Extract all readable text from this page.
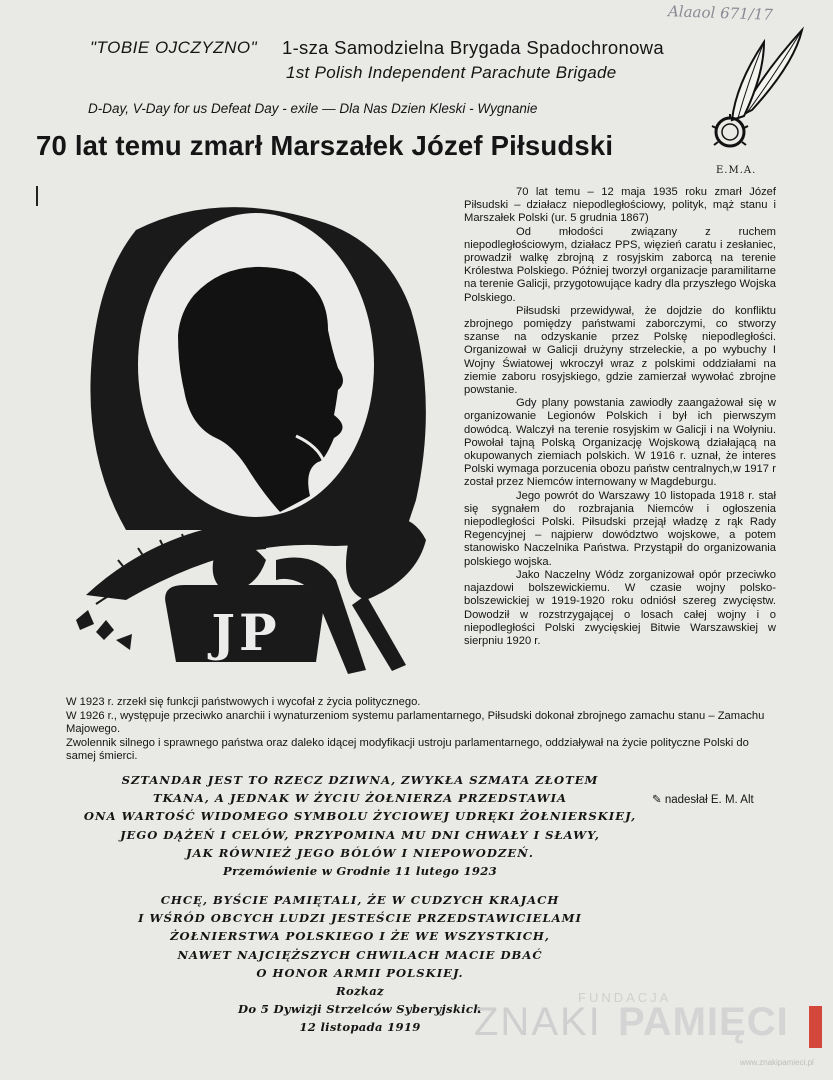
Alaaol 671/17
"TOBIE OJCZYZNO" 1-sza Samodzielna Brygada Spadochronowa
1st Polish Independent Parachute Brigade
D-Day, V-Day for us Defeat Day - exile — Dla Nas Dzien Kleski - Wygnanie
70 lat temu zmarł Marszałek Józef Piłsudski
E.M.A.
JP

70 lat temu – 12 maja 1935 roku zmarł Józef Piłsudski – działacz niepodległościowy, polityk, mąż stanu i Marszałek Polski (ur. 5 grudnia 1867)

Od młodości związany z ruchem niepodległościowym, działacz PPS, więzień caratu i zesłaniec, prowadził walkę zbrojną z rosyjskim zaborcą na terenie Królestwa Polskiego. Później tworzył organizacje paramilitarne na terenie Galicji, przygotowujące kadry dla przyszłego Wojska Polskiego.

Piłsudski przewidywał, że dojdzie do konfliktu zbrojnego pomiędzy państwami zaborczymi, co stworzy szanse na odzyskanie przez Polskę niepodległości. Organizował w Galicji drużyny strzeleckie, a po wybuchy I Wojny Światowej wkroczył wraz z polskimi oddziałami na ziemie zaboru rosyjskiego, gdzie zamierzał wywołać zbrojne powstanie.

Gdy plany powstania zawiodły zaangażował się w organizowanie Legionów Polskich i był ich pierwszym dowódcą. Walczył na terenie rosyjskim w Galicji i na Wołyniu. Powołał tajną Polską Organizację Wojskową działającą na okupowanych ziemiach polskich. W 1916 r. uznał, że interes Polski wymaga porzucenia obozu państw centralnych,w 1917 r został przez Niemców internowany w Magdeburgu.

Jego powrót do Warszawy 10 listopada 1918 r. stał się sygnałem do rozbrajania Niemców i ogłoszenia niepodległości Polski. Piłsudski przejął władzę z rąk Rady Regencyjnej – najpierw dowództwo wojskowe, a potem stanowisko Naczelnika Państwa. Przystąpił do organizowania polskiego wojska.

Jako Naczelny Wódz zorganizował opór przeciwko najazdowi bolszewickiemu. W czasie wojny polsko-bolszewickiej w 1919-1920 roku odniósł szereg zwycięstw. Dowodził w rozstrzygającej o losach całej wojny i o niepodległości Polski zwycięskiej Bitwie Warszawskiej w sierpniu 1920 r.

W 1923 r. zrzekł się funkcji państwowych i wycofał z życia politycznego.

W 1926 r., występuje przeciwko anarchii i wynaturzeniom systemu parlamentarnego, Piłsudski dokonał zbrojnego zamachu stanu – Zamachu Majowego.

Zwolennik silnego i sprawnego państwa oraz daleko idącej modyfikacji ustroju parlamentarnego, oddziaływał na życie polityczne Polski do samej śmierci.

SZTANDAR JEST TO RZECZ DZIWNA, ZWYKŁA SZMATA ZŁOTEM
TKANA, A JEDNAK W ŻYCIU ŻOŁNIERZA PRZEDSTAWIA
ONA WARTOŚĆ WIDOMEGO SYMBOLU ŻYCIOWEJ UDRĘKI ŻOŁNIERSKIEJ,
JEGO DĄŻEŃ I CELÓW, PRZYPOMINA MU DNI CHWAŁY I SŁAWY,
JAK RÓWNIEŻ JEGO BÓLÓW I NIEPOWODZEŃ.
Przemówienie w Grodnie 11 lutego 1923
✎ nadesłał E. M. Alt
CHCĘ, BYŚCIE PAMIĘTALI, ŻE W CUDZYCH KRAJACH
I WŚRÓD OBCYCH LUDZI JESTEŚCIE PRZEDSTAWICIELAMI
ŻOŁNIERSTWA POLSKIEGO I ŻE WE WSZYSTKICH,
NAWET NAJCIĘŻSZYCH CHWILACH MACIE DBAĆ
O HONOR ARMII POLSKIEJ.
Rozkaz
Do 5 Dywizji Strzelców Syberyjskich
12 listopada 1919
FUNDACJA
ZNAKI PAMIĘCI
www.znakipamieci.pl
